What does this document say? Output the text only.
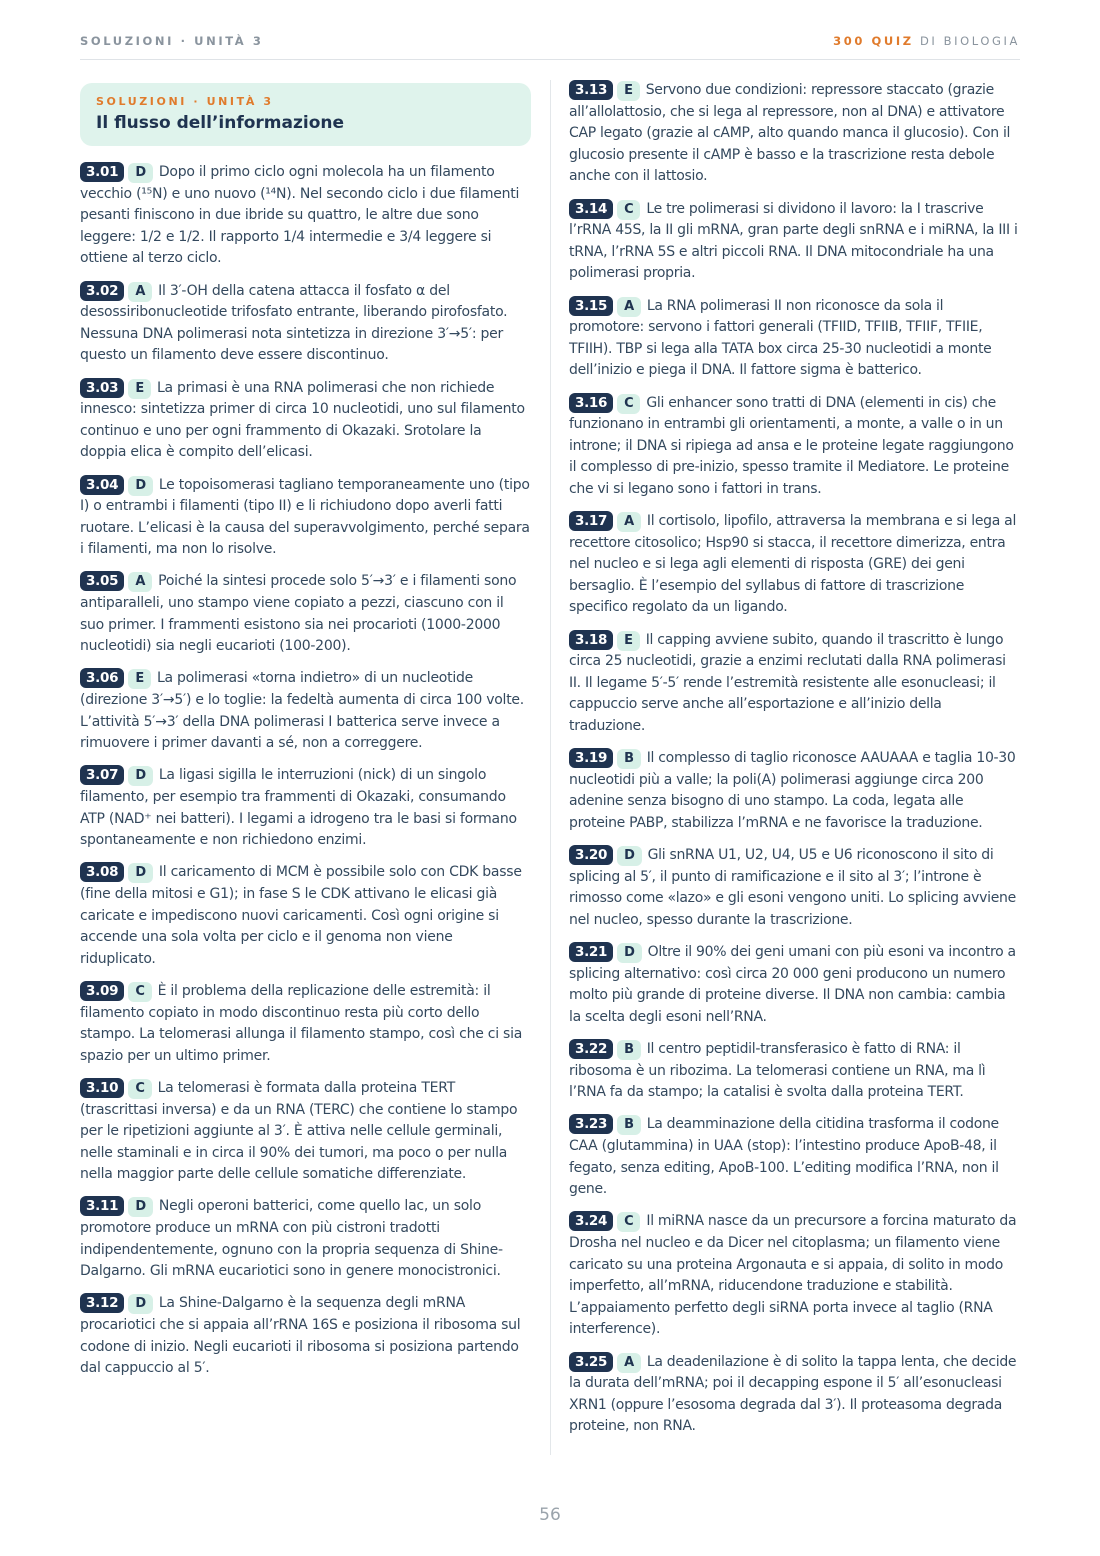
SOLUZIONI · UNITÀ 3	300 QUIZ DI BIOLOGIA
SOLUZIONI · UNITÀ 3
Il flusso dell’informazione

3.01 D Dopo il primo ciclo ogni molecola ha un filamento vecchio (¹⁵N) e uno nuovo (¹⁴N). Nel secondo ciclo i due filamenti pesanti finiscono in due ibride su quattro, le altre due sono leggere: 1/2 e 1/2. Il rapporto 1/4 intermedie e 3/4 leggere si ottiene al terzo ciclo.

3.02 A Il 3′-OH della catena attacca il fosfato α del desossiribonucleotide trifosfato entrante, liberando pirofosfato. Nessuna DNA polimerasi nota sintetizza in direzione 3′→5′: per questo un filamento deve essere discontinuo.

3.03 E La primasi è una RNA polimerasi che non richiede innesco: sintetizza primer di circa 10 nucleotidi, uno sul filamento continuo e uno per ogni frammento di Okazaki. Srotolare la doppia elica è compito dell’elicasi.

3.04 D Le topoisomerasi tagliano temporaneamente uno (tipo I) o entrambi i filamenti (tipo II) e li richiudono dopo averli fatti ruotare. L’elicasi è la causa del superavvolgimento, perché separa i filamenti, ma non lo risolve.

3.05 A Poiché la sintesi procede solo 5′→3′ e i filamenti sono antiparalleli, uno stampo viene copiato a pezzi, ciascuno con il suo primer. I frammenti esistono sia nei procarioti (1000-2000 nucleotidi) sia negli eucarioti (100-200).

3.06 E La polimerasi «torna indietro» di un nucleotide (direzione 3′→5′) e lo toglie: la fedeltà aumenta di circa 100 volte. L’attività 5′→3′ della DNA polimerasi I batterica serve invece a rimuovere i primer davanti a sé, non a correggere.

3.07 D La ligasi sigilla le interruzioni (nick) di un singolo filamento, per esempio tra frammenti di Okazaki, consumando ATP (NAD⁺ nei batteri). I legami a idrogeno tra le basi si formano spontaneamente e non richiedono enzimi.

3.08 D Il caricamento di MCM è possibile solo con CDK basse (fine della mitosi e G1); in fase S le CDK attivano le elicasi già caricate e impediscono nuovi caricamenti. Così ogni origine si accende una sola volta per ciclo e il genoma non viene riduplicato.

3.09 C È il problema della replicazione delle estremità: il filamento copiato in modo discontinuo resta più corto dello stampo. La telomerasi allunga il filamento stampo, così che ci sia spazio per un ultimo primer.

3.10 C La telomerasi è formata dalla proteina TERT (trascrittasi inversa) e da un RNA (TERC) che contiene lo stampo per le ripetizioni aggiunte al 3′. È attiva nelle cellule germinali, nelle staminali e in circa il 90% dei tumori, ma poco o per nulla nella maggior parte delle cellule somatiche differenziate.

3.11 D Negli operoni batterici, come quello lac, un solo promotore produce un mRNA con più cistroni tradotti indipendentemente, ognuno con la propria sequenza di Shine-Dalgarno. Gli mRNA eucariotici sono in genere monocistronici.

3.12 D La Shine-Dalgarno è la sequenza degli mRNA procariotici che si appaia all’rRNA 16S e posiziona il ribosoma sul codone di inizio. Negli eucarioti il ribosoma si posiziona partendo dal cappuccio al 5′.

3.13 E Servono due condizioni: repressore staccato (grazie all’allolattosio, che si lega al repressore, non al DNA) e attivatore CAP legato (grazie al cAMP, alto quando manca il glucosio). Con il glucosio presente il cAMP è basso e la trascrizione resta debole anche con il lattosio.

3.14 C Le tre polimerasi si dividono il lavoro: la I trascrive l’rRNA 45S, la II gli mRNA, gran parte degli snRNA e i miRNA, la III i tRNA, l’rRNA 5S e altri piccoli RNA. Il DNA mitocondriale ha una polimerasi propria.

3.15 A La RNA polimerasi II non riconosce da sola il promotore: servono i fattori generali (TFIID, TFIIB, TFIIF, TFIIE, TFIIH). TBP si lega alla TATA box circa 25-30 nucleotidi a monte dell’inizio e piega il DNA. Il fattore sigma è batterico.

3.16 C Gli enhancer sono tratti di DNA (elementi in cis) che funzionano in entrambi gli orientamenti, a monte, a valle o in un introne; il DNA si ripiega ad ansa e le proteine legate raggiungono il complesso di pre-inizio, spesso tramite il Mediatore. Le proteine che vi si legano sono i fattori in trans.

3.17 A Il cortisolo, lipofilo, attraversa la membrana e si lega al recettore citosolico; Hsp90 si stacca, il recettore dimerizza, entra nel nucleo e si lega agli elementi di risposta (GRE) dei geni bersaglio. È l’esempio del syllabus di fattore di trascrizione specifico regolato da un ligando.

3.18 E Il capping avviene subito, quando il trascritto è lungo circa 25 nucleotidi, grazie a enzimi reclutati dalla RNA polimerasi II. Il legame 5′-5′ rende l’estremità resistente alle esonucleasi; il cappuccio serve anche all’esportazione e all’inizio della traduzione.

3.19 B Il complesso di taglio riconosce AAUAAA e taglia 10-30 nucleotidi più a valle; la poli(A) polimerasi aggiunge circa 200 adenine senza bisogno di uno stampo. La coda, legata alle proteine PABP, stabilizza l’mRNA e ne favorisce la traduzione.

3.20 D Gli snRNA U1, U2, U4, U5 e U6 riconoscono il sito di splicing al 5′, il punto di ramificazione e il sito al 3′; l’introne è rimosso come «lazo» e gli esoni vengono uniti. Lo splicing avviene nel nucleo, spesso durante la trascrizione.

3.21 D Oltre il 90% dei geni umani con più esoni va incontro a splicing alternativo: così circa 20 000 geni producono un numero molto più grande di proteine diverse. Il DNA non cambia: cambia la scelta degli esoni nell’RNA.

3.22 B Il centro peptidil-transferasico è fatto di RNA: il ribosoma è un ribozima. La telomerasi contiene un RNA, ma lì l’RNA fa da stampo; la catalisi è svolta dalla proteina TERT.

3.23 B La deamminazione della citidina trasforma il codone CAA (glutammina) in UAA (stop): l’intestino produce ApoB-48, il fegato, senza editing, ApoB-100. L’editing modifica l’RNA, non il gene.

3.24 C Il miRNA nasce da un precursore a forcina maturato da Drosha nel nucleo e da Dicer nel citoplasma; un filamento viene caricato su una proteina Argonauta e si appaia, di solito in modo imperfetto, all’mRNA, riducendone traduzione e stabilità. L’appaiamento perfetto degli siRNA porta invece al taglio (RNA interference).

3.25 A La deadenilazione è di solito la tappa lenta, che decide la durata dell’mRNA; poi il decapping espone il 5′ all’esonucleasi XRN1 (oppure l’esosoma degrada dal 3′). Il proteasoma degrada proteine, non RNA.

56
